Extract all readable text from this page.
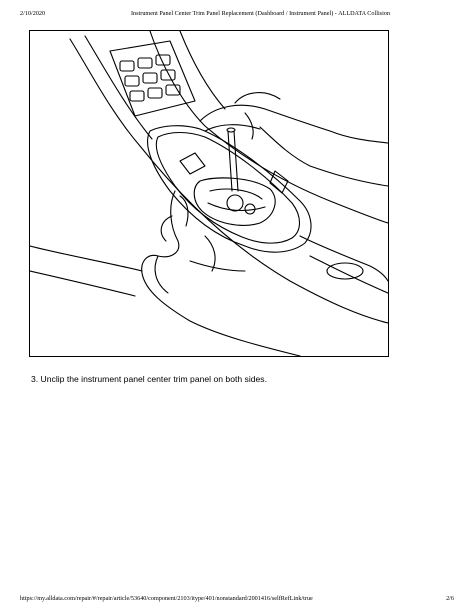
2/10/2020	Instrument Panel Center Trim Panel Replacement (Dashboard / Instrument Panel) - ALLDATA Collision
3. Unclip the instrument panel center trim panel on both sides.
https://my.alldata.com/repair/#/repair/article/53640/component/2103/itype/401/nonstandard/2001416/selfRefLink/true	2/6
